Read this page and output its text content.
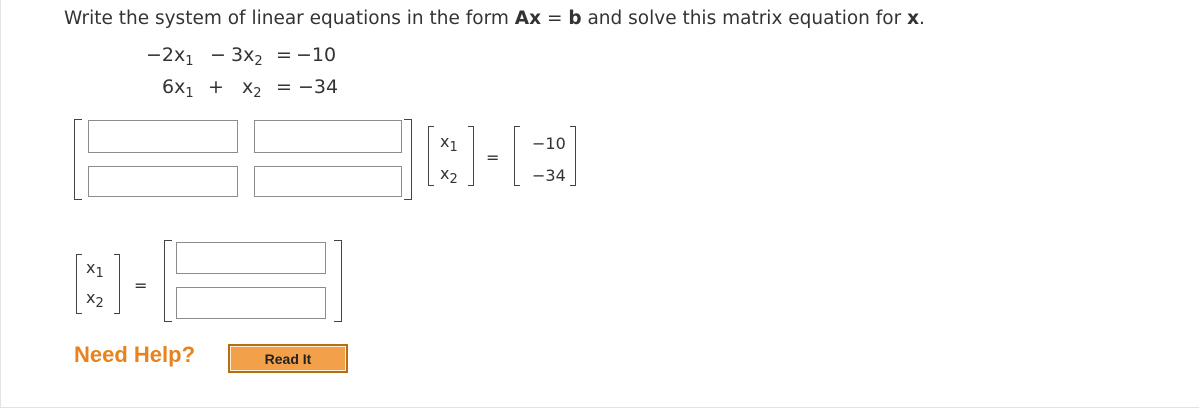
Write the system of linear equations in the form Ax = b and solve this matrix equation for x.
$-2x_1 - 3x_2 = -10$
$6x_1 + x_2 = -34$
$x_1$
$x_2$
=
−10
−34
$x_1$
$x_2$
=
Need Help?	Read It
